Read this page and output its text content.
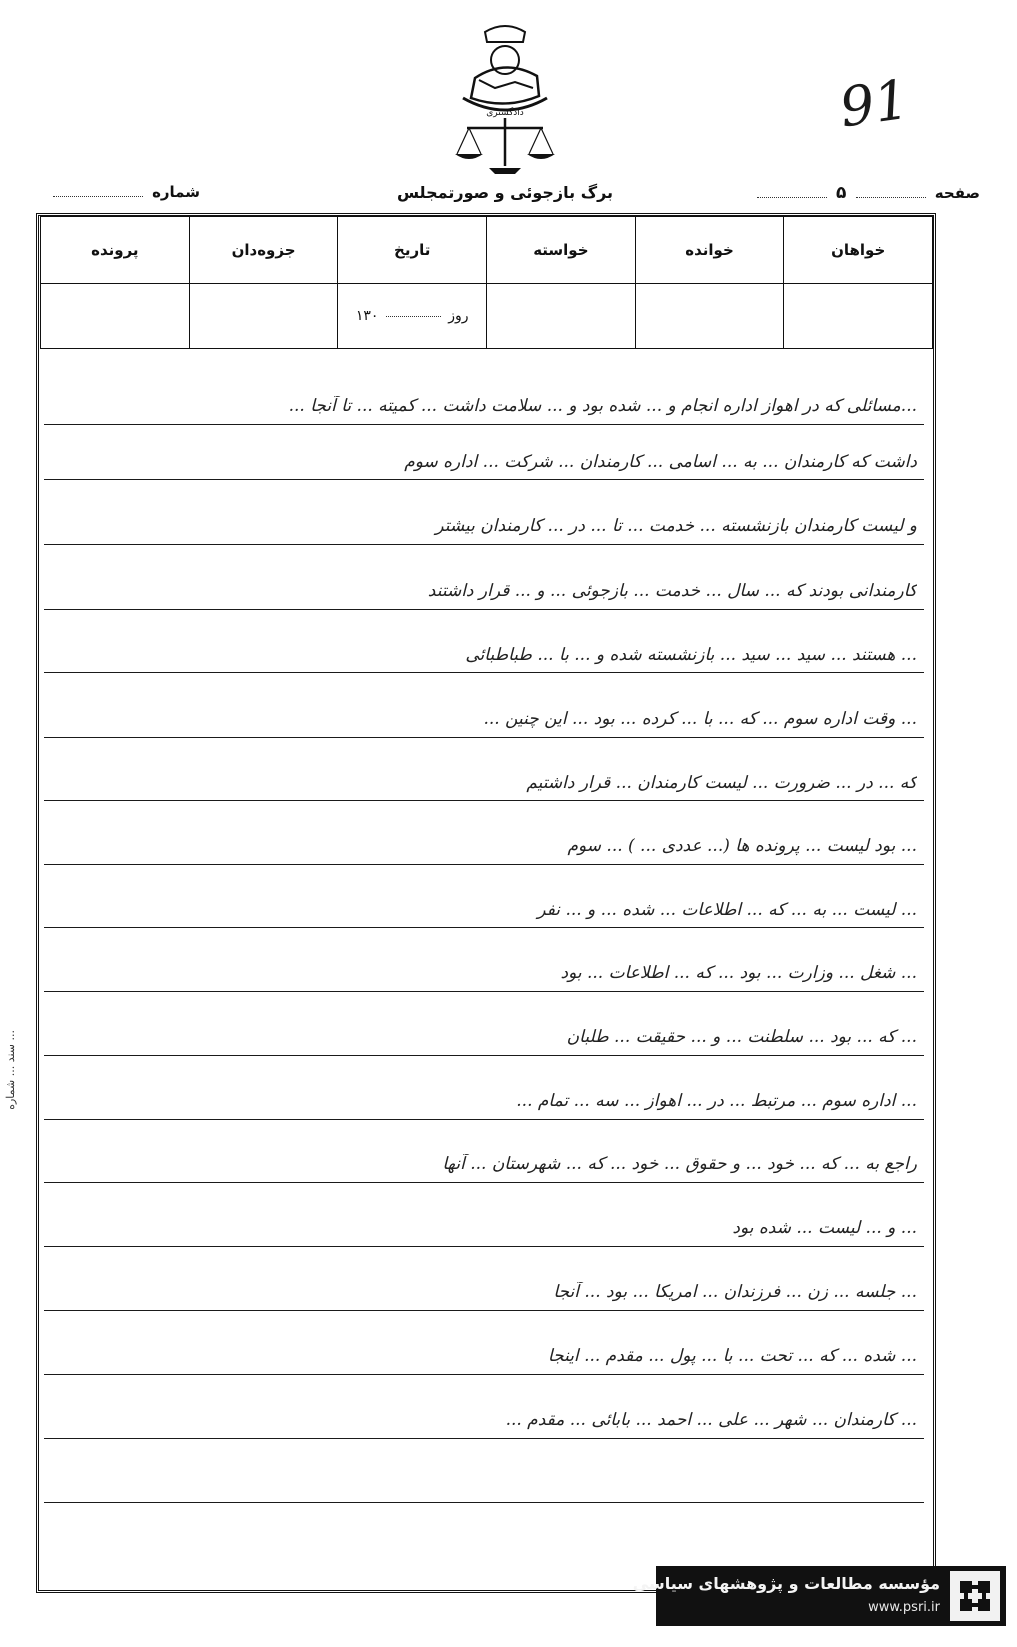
دادگستری	91
صفحه  ۵
برگ بازجوئی و صورتمجلس
شماره
خواهان	خوانده	خواسته	تاریخ	جزوه‌دان	پرونده
			روز  ۱۳۰		
...مسائلی که در اهواز اداره انجام و ... شده بود و ... سلامت داشت ... کمیته ... تا آنجا ...
داشت که کارمندان ... به ... اسامی ... کارمندان ... شرکت ... اداره سوم
و لیست کارمندان بازنشسته ... خدمت ... تا ... در ... کارمندان بیشتر
کارمندانی بودند که ... سال ... خدمت ... بازجوئی ... و ... قرار داشتند
... هستند ... سید ... سید ... بازنشسته شده و ... با ... طباطبائی
... وقت اداره سوم ... که ... با ... کرده ... بود ... این چنین ...
که ... در ... ضرورت ... لیست کارمندان ... قرار داشتیم
... بود لیست ... پرونده ها (... عددی ... ) ... سوم
... لیست ... به ... که ... اطلاعات ... شده ... و ... نفر
... شغل ... وزارت ... بود ... که ... اطلاعات ... بود
... که ... بود ... سلطنت ... و ... حقیقت ... طلبان
... اداره سوم ... مرتبط ... در ... اهواز ... سه ... تمام ...
راجع به ... که ... خود ... و حقوق ... خود ... که ... شهرستان ... آنها
... و ... لیست ... شده بود
... جلسه ... زن ... فرزندان ... امریکا ... بود ... آنجا
... شده ... که ... تحت ... با ... پول ... مقدم ... اینجا
... کارمندان ... شهر ... علی ... احمد ... بابائی ... مقدم ...
سند ... شماره ...
مؤسسه مطالعات و پژوهشهای سیاسی
www.psri.ir
